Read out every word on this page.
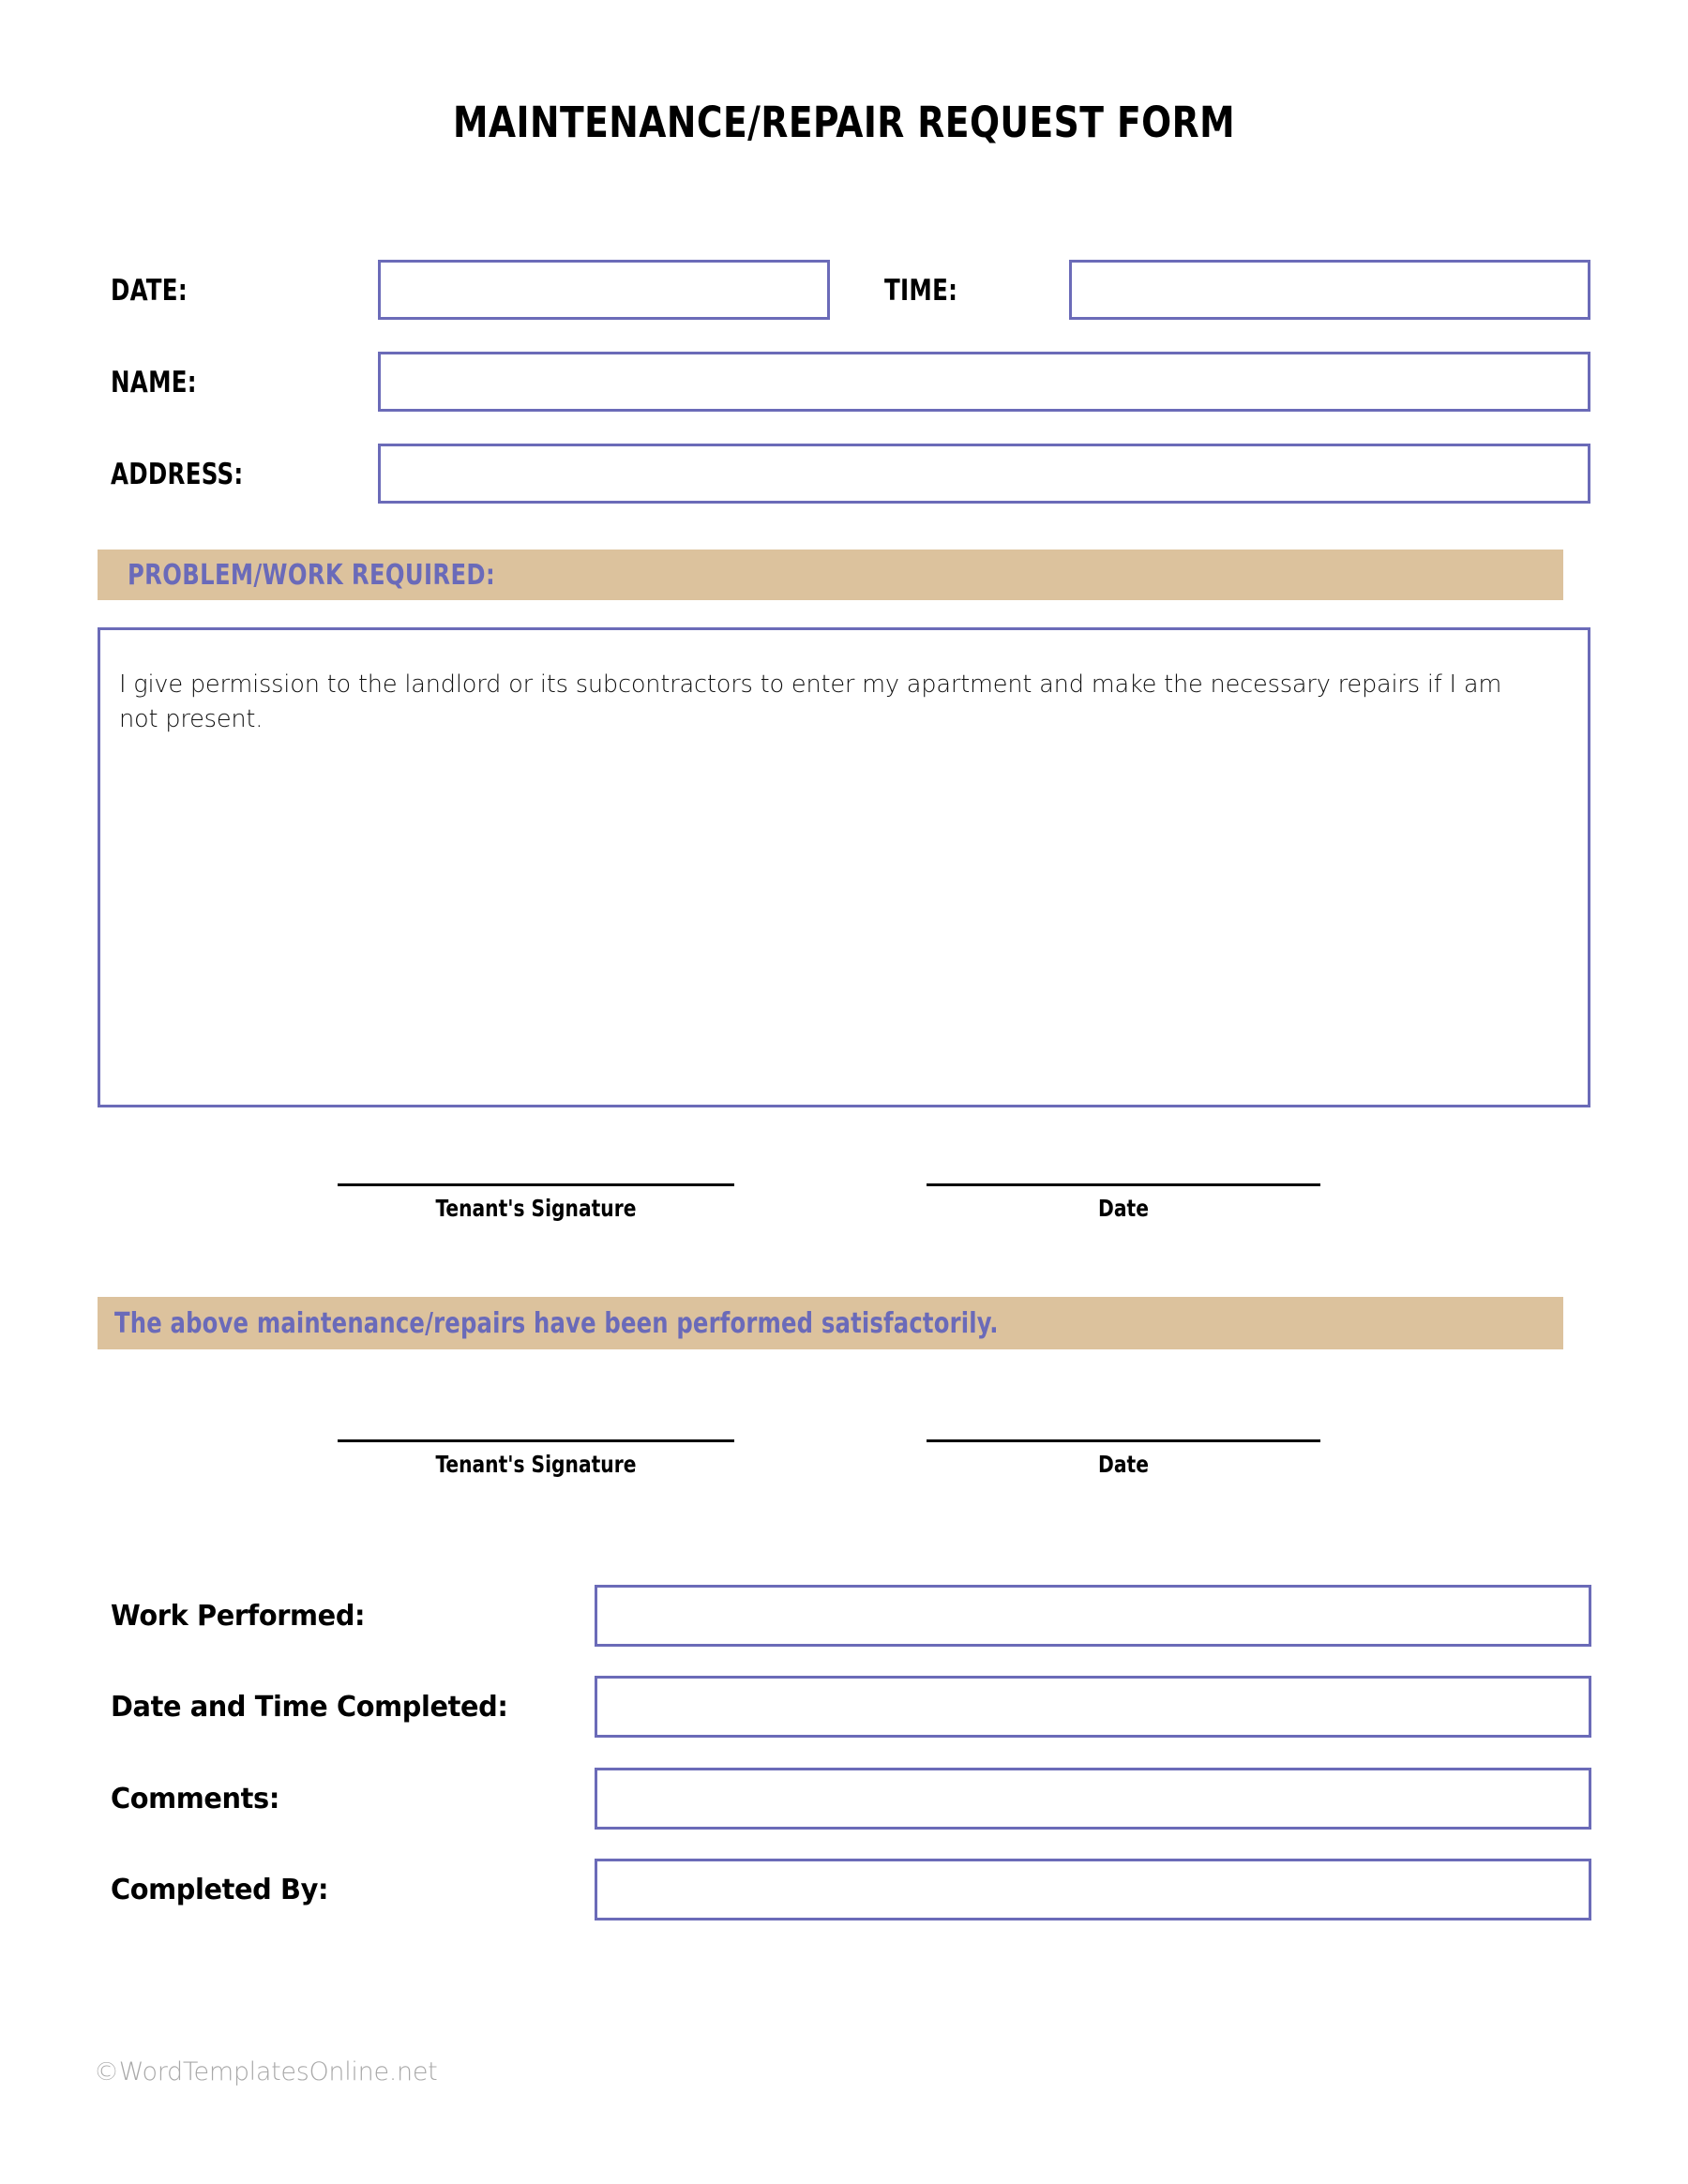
MAINTENANCE/REPAIR REQUEST FORM
DATE:	TIME:
NAME:
ADDRESS:
PROBLEM/WORK REQUIRED:
I give permission to the landlord or its subcontractors to enter my apartment and make the necessary repairs if I am not present.
Tenant's Signature	Date
The above maintenance/repairs have been performed satisfactorily.
Tenant's Signature	Date
Work Performed:
Date and Time Completed:
Comments:
Completed By:
©WordTemplatesOnline.net
